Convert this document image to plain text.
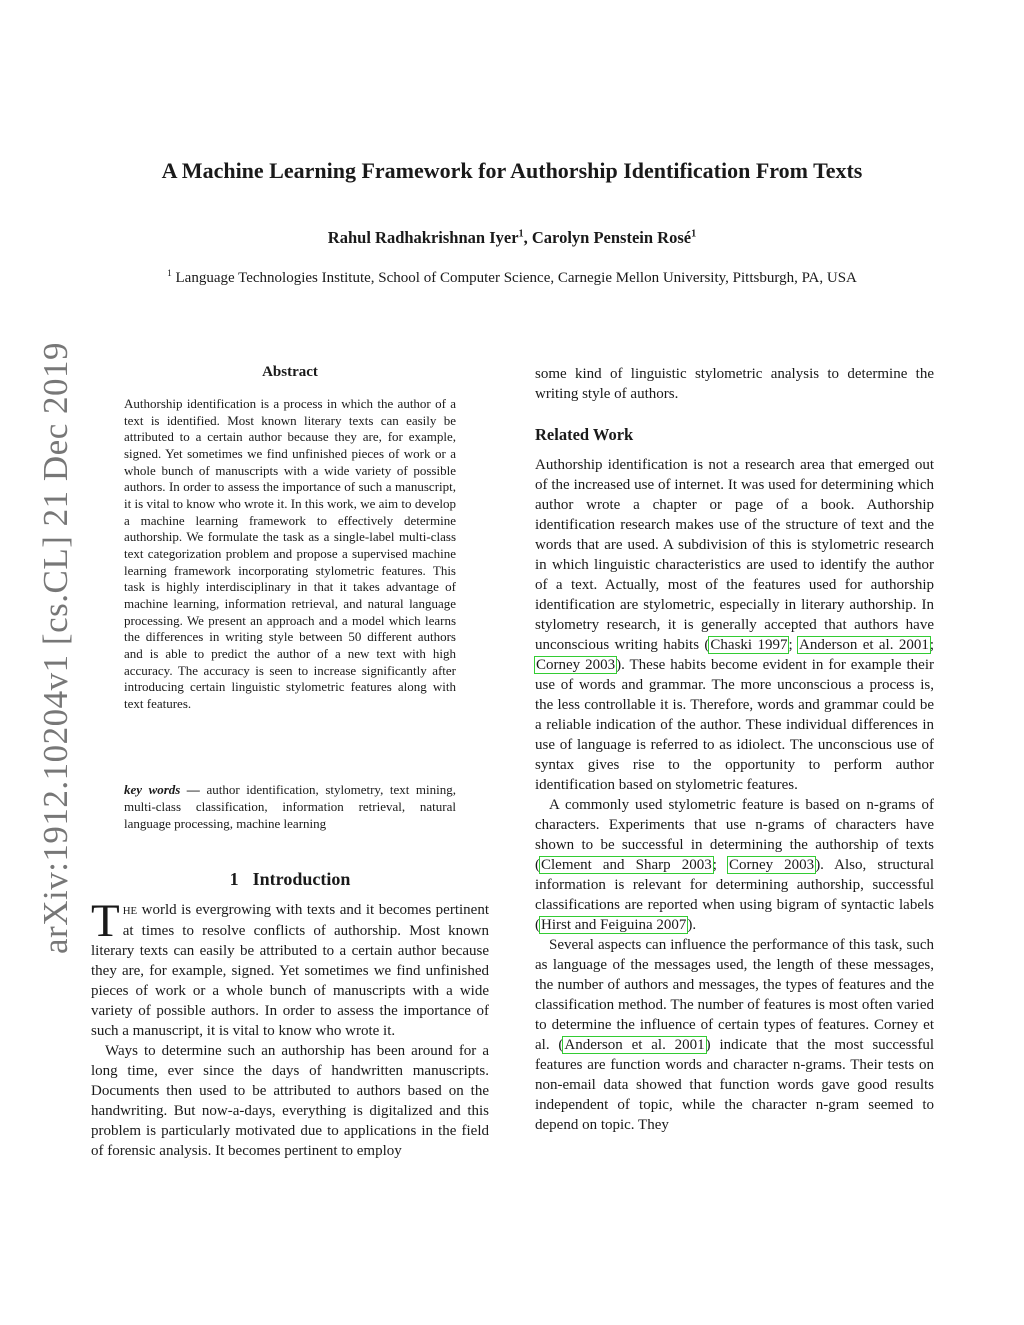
arXiv:1912.10204v1 [cs.CL] 21 Dec 2019
A Machine Learning Framework for Authorship Identification From Texts
Rahul Radhakrishnan Iyer$^1$, Carolyn Penstein Rosé$^1$
$^1$ Language Technologies Institute, School of Computer Science, Carnegie Mellon University, Pittsburgh, PA, USA
Abstract
Authorship identification is a process in which the author of a text is identified. Most known literary texts can easily be attributed to a certain author because they are, for example, signed. Yet sometimes we find unfinished pieces of work or a whole bunch of manuscripts with a wide variety of possible authors. In order to assess the importance of such a manuscript, it is vital to know who wrote it. In this work, we aim to develop a machine learning framework to effectively determine authorship. We formulate the task as a single-label multi-class text categorization problem and propose a supervised machine learning framework incorporating stylometric features. This task is highly interdisciplinary in that it takes advantage of machine learning, information retrieval, and natural language processing. We present an approach and a model which learns the differences in writing style between 50 different authors and is able to predict the author of a new text with high accuracy. The accuracy is seen to increase significantly after introducing certain linguistic stylometric features along with text features.
key words — author identification, stylometry, text mining, multi-class classification, information retrieval, natural language processing, machine learning
1 Introduction

THE world is evergrowing with texts and it becomes pertinent at times to resolve conflicts of authorship. Most known literary texts can easily be attributed to a certain author because they are, for example, signed. Yet sometimes we find unfinished pieces of work or a whole bunch of manuscripts with a wide variety of possible authors. In order to assess the importance of such a manuscript, it is vital to know who wrote it.

Ways to determine such an authorship has been around for a long time, ever since the days of handwritten manuscripts. Documents then used to be attributed to authors based on the handwriting. But now-a-days, everything is digitalized and this problem is particularly motivated due to applications in the field of forensic analysis. It becomes pertinent to employ

some kind of linguistic stylometric analysis to determine the writing style of authors.

Related Work

Authorship identification is not a research area that emerged out of the increased use of internet. It was used for determining which author wrote a chapter or page of a book. Authorship identification research makes use of the structure of text and the words that are used. A subdivision of this is stylometric research in which linguistic characteristics are used to identify the author of a text. Actually, most of the features used for authorship identification are stylometric, especially in literary authorship. In stylometry research, it is generally accepted that authors have unconscious writing habits (Chaski 1997; Anderson et al. 2001; Corney 2003). These habits become evident in for example their use of words and grammar. The more unconscious a process is, the less controllable it is. Therefore, words and grammar could be a reliable indication of the author. These individual differences in use of language is referred to as idiolect. The unconscious use of syntax gives rise to the opportunity to perform author identification based on stylometric features.

A commonly used stylometric feature is based on n-grams of characters. Experiments that use n-grams of characters have shown to be successful in determining the authorship of texts (Clement and Sharp 2003; Corney 2003). Also, structural information is relevant for determining authorship, successful classifications are reported when using bigram of syntactic labels (Hirst and Feiguina 2007).

Several aspects can influence the performance of this task, such as language of the messages used, the length of these messages, the number of authors and messages, the types of features and the classification method. The number of features is most often varied to determine the influence of certain types of features. Corney et al. (Anderson et al. 2001) indicate that the most successful features are function words and character n-grams. Their tests on non-email data showed that function words gave good results independent of topic, while the character n-gram seemed to depend on topic. They
